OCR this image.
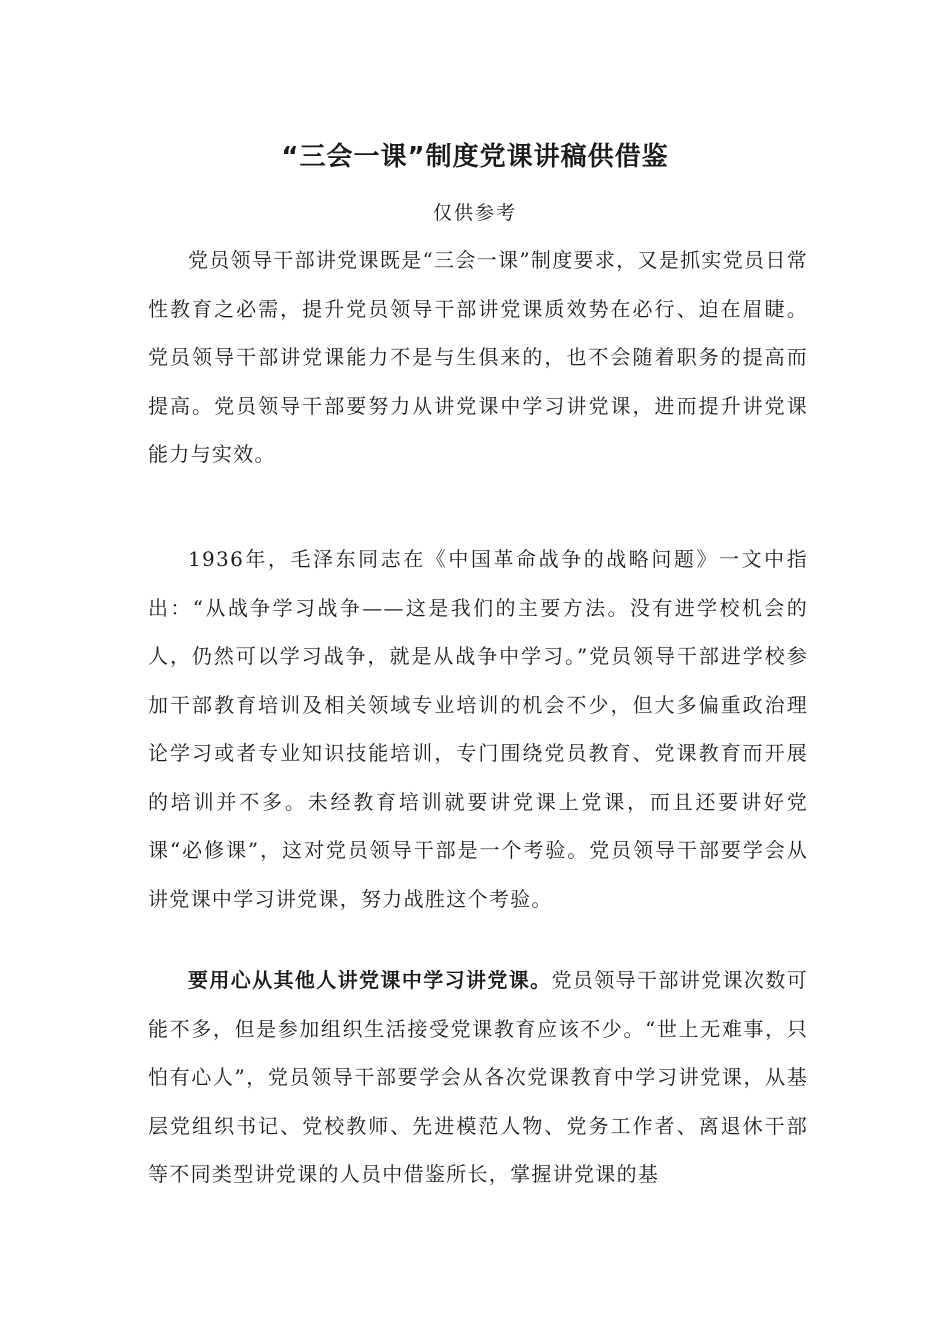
“三会一课”制度党课讲稿供借鉴
仅供参考

党员领导干部讲党课既是“三会一课”制度要求，又是抓实党员日常性教育之必需，提升党员领导干部讲党课质效势在必行、迫在眉睫。党员领导干部讲党课能力不是与生俱来的，也不会随着职务的提高而提高。党员领导干部要努力从讲党课中学习讲党课，进而提升讲党课能力与实效。

1936年，毛泽东同志在《中国革命战争的战略问题》一文中指出：“从战争学习战争——这是我们的主要方法。没有进学校机会的人，仍然可以学习战争，就是从战争中学习。”党员领导干部进学校参加干部教育培训及相关领域专业培训的机会不少，但大多偏重政治理论学习或者专业知识技能培训，专门围绕党员教育、党课教育而开展的培训并不多。未经教育培训就要讲党课上党课，而且还要讲好党课“必修课”，这对党员领导干部是一个考验。党员领导干部要学会从讲党课中学习讲党课，努力战胜这个考验。

要用心从其他人讲党课中学习讲党课。党员领导干部讲党课次数可能不多，但是参加组织生活接受党课教育应该不少。“世上无难事，只怕有心人”，党员领导干部要学会从各次党课教育中学习讲党课，从基层党组织书记、党校教师、先进模范人物、党务工作者、离退休干部等不同类型讲党课的人员中借鉴所长，掌握讲党课的基
